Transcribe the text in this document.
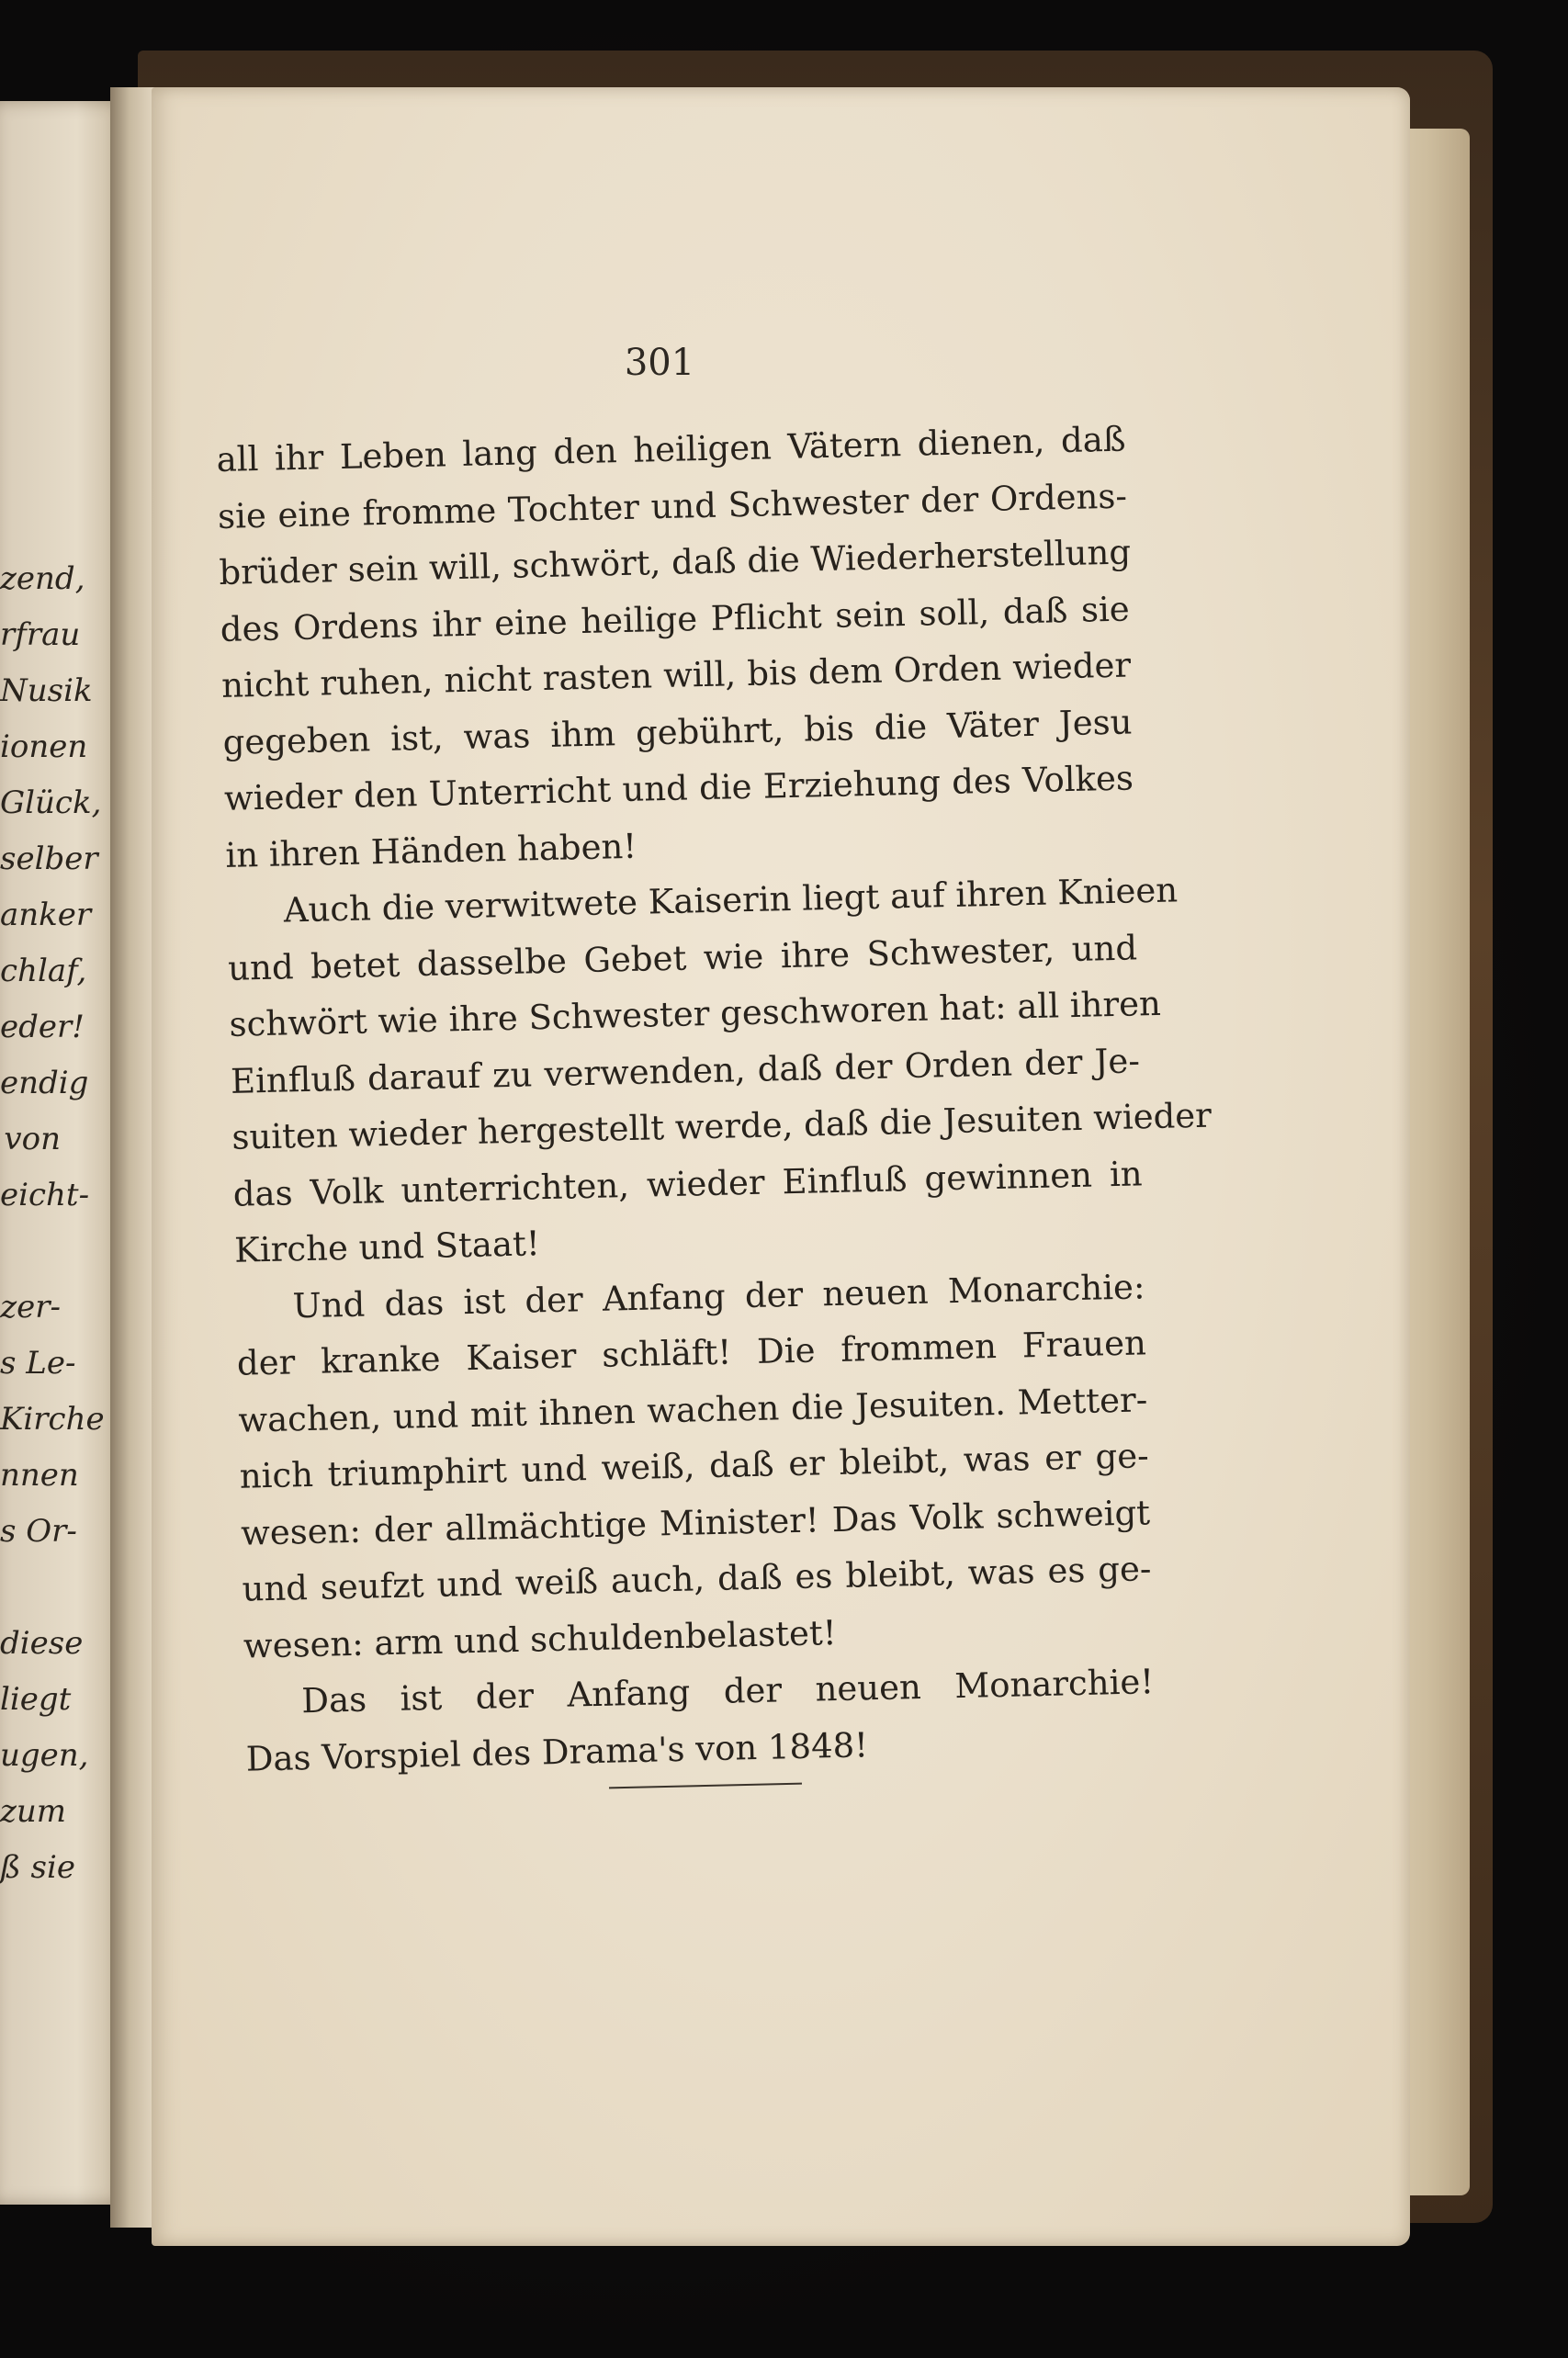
zend,
rfrau
Nusik
ionen
Glück,
selber
anker
chlaf,
eder!
endig
von
eicht-
zer-
s Le-
Kirche
nnen
s Or-
diese
liegt
ugen,
zum
ß sie
301
all ihr Leben lang den heiligen Vätern dienen, daß
sie eine fromme Tochter und Schwester der Ordens-
brüder sein will, schwört, daß die Wiederherstellung
des Ordens ihr eine heilige Pflicht sein soll, daß sie
nicht ruhen, nicht rasten will, bis dem Orden wieder
gegeben ist, was ihm gebührt, bis die Väter Jesu
wieder den Unterricht und die Erziehung des Volkes
in ihren Händen haben!
Auch die verwitwete Kaiserin liegt auf ihren Knieen
und betet dasselbe Gebet wie ihre Schwester, und
schwört wie ihre Schwester geschworen hat: all ihren
Einfluß darauf zu verwenden, daß der Orden der Je-
suiten wieder hergestellt werde, daß die Jesuiten wieder
das Volk unterrichten, wieder Einfluß gewinnen in
Kirche und Staat!
Und das ist der Anfang der neuen Monarchie:
der kranke Kaiser schläft! Die frommen Frauen
wachen, und mit ihnen wachen die Jesuiten. Metter-
nich triumphirt und weiß, daß er bleibt, was er ge-
wesen: der allmächtige Minister! Das Volk schweigt
und seufzt und weiß auch, daß es bleibt, was es ge-
wesen: arm und schuldenbelastet!
Das ist der Anfang der neuen Monarchie!
Das Vorspiel des Drama's von 1848!
